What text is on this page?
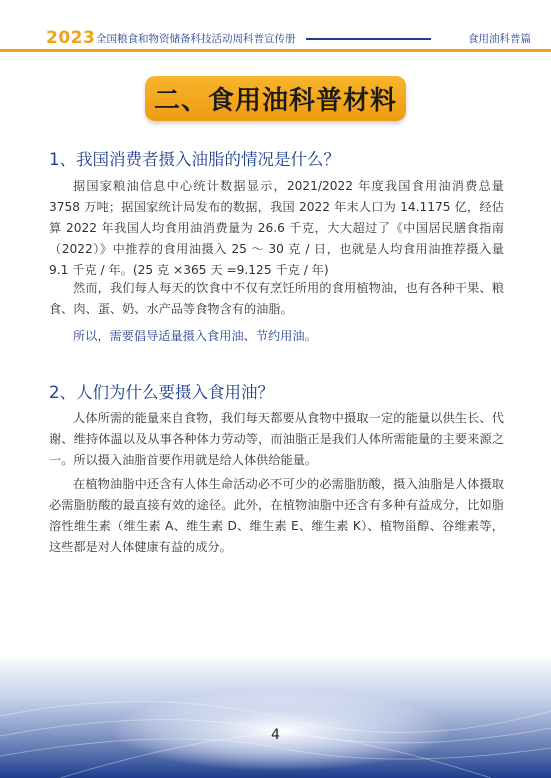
2023 全国粮食和物资储备科技活动周科普宣传册	食用油科普篇
二、食用油科普材料
1、我国消费者摄入油脂的情况是什么？

据国家粮油信息中心统计数据显示，2021/2022 年度我国食用油消费总量 3758 万吨；据国家统计局发布的数据，我国 2022 年末人口为 14.1175 亿，经估算 2022 年我国人均食用油消费量为 26.6 千克，大大超过了《中国居民膳食指南（2022）》中推荐的食用油摄入 25 ～ 30 克 / 日，也就是人均食用油推荐摄入量 9.1 千克 / 年。(25 克 ×365 天 =9.125 千克 / 年)

然而，我们每人每天的饮食中不仅有烹饪所用的食用植物油，也有各种干果、粮食、肉、蛋、奶、水产品等食物含有的油脂。

所以，需要倡导适量摄入食用油、节约用油。

2、人们为什么要摄入食用油？

人体所需的能量来自食物，我们每天都要从食物中摄取一定的能量以供生长、代谢、维持体温以及从事各种体力劳动等，而油脂正是我们人体所需能量的主要来源之一。所以摄入油脂首要作用就是给人体供给能量。

在植物油脂中还含有人体生命活动必不可少的必需脂肪酸，摄入油脂是人体摄取必需脂肪酸的最直接有效的途径。此外，在植物油脂中还含有多种有益成分，比如脂溶性维生素（维生素 A、维生素 D、维生素 E、维生素 K）、植物甾醇、谷维素等，这些都是对人体健康有益的成分。

4
